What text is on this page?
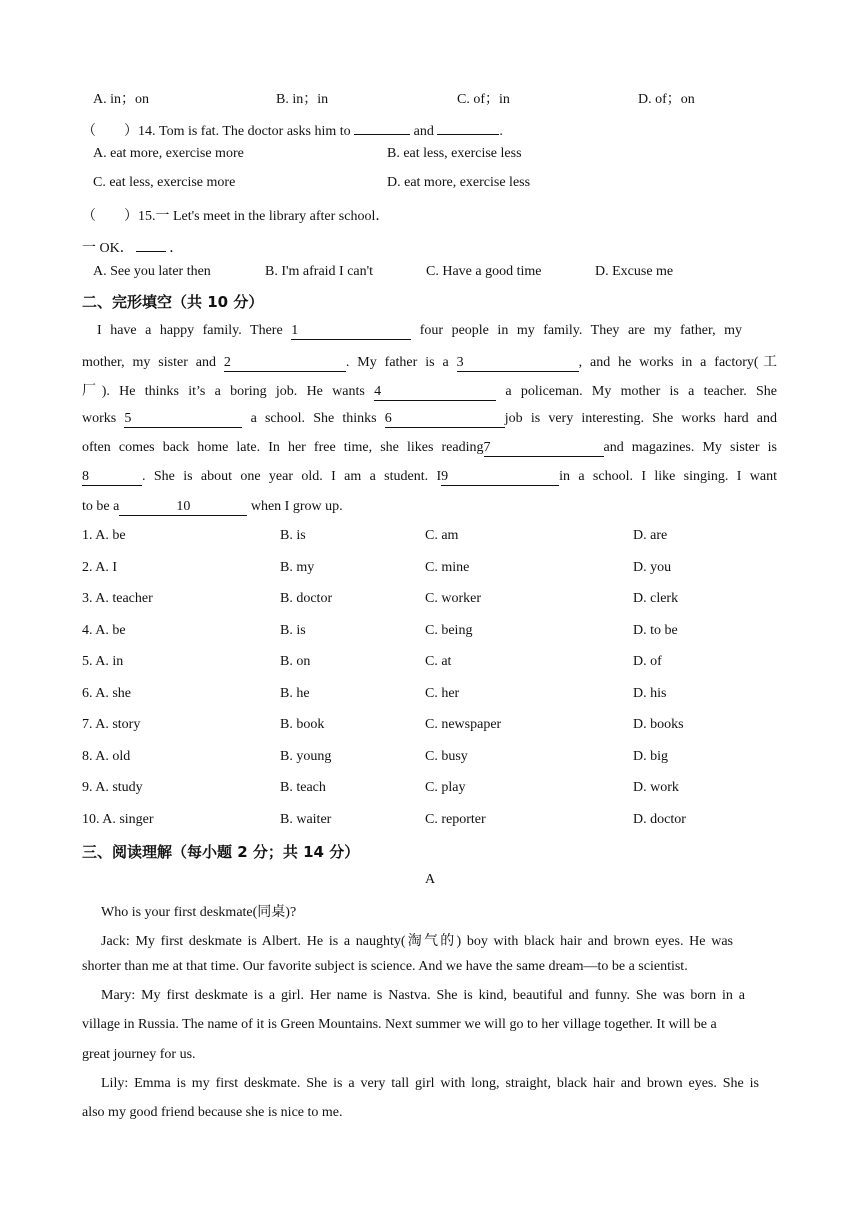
A. in；on	B. in；in	C. of；in	D. of；on
（　　）14. Tom is fat. The doctor asks him to	and	.
A. eat more, exercise more	B. eat less, exercise less
C. eat less, exercise more	D. eat more, exercise less
（　　）15.一 Let's meet in the library after school．
一 OK．	．
A. See you later then	B. I'm afraid I can't	C. Have a good time	D. Excuse me
二、完形填空（共 10 分）
I have a happy family. There 1	four people in my family. They are my father, my
mother, my sister and 2	. My father is a 3	, and he works in a factory(工
厂). He thinks it’s a boring job. He wants 4	a policeman. My mother is a teacher. She
works 5	a school. She thinks 6	job is very interesting. She works hard and
often comes back home late. In her free time, she likes reading7	and magazines. My sister is
8	. She is about one year old. I am a student. I9	in a school. I like singing. I want
to be a	10	when I grow up.
1. A. be	B. is	C. am	D. are
2. A. I	B. my	C. mine	D. you
3. A. teacher	B. doctor	C. worker	D. clerk
4. A. be	B. is	C. being	D. to be
5. A. in	B. on	C. at	D. of
6. A. she	B. he	C. her	D. his
7. A. story	B. book	C. newspaper	D. books
8. A. old	B. young	C. busy	D. big
9. A. study	B. teach	C. play	D. work
10. A. singer	B. waiter	C. reporter	D. doctor
三、阅读理解（每小题 2 分；共 14 分）
A
Who is your first deskmate(同桌)?
Jack: My first deskmate is Albert. He is a naughty(淘气的) boy with black hair and brown eyes. He was
shorter than me at that time. Our favorite subject is science. And we have the same dream—to be a scientist.
Mary: My first deskmate is a girl. Her name is Nastva. She is kind, beautiful and funny. She was born in a
village in Russia. The name of it is Green Mountains. Next summer we will go to her village together. It will be a
great journey for us.
Lily: Emma is my first deskmate. She is a very tall girl with long, straight, black hair and brown eyes. She is
also my good friend because she is nice to me.
